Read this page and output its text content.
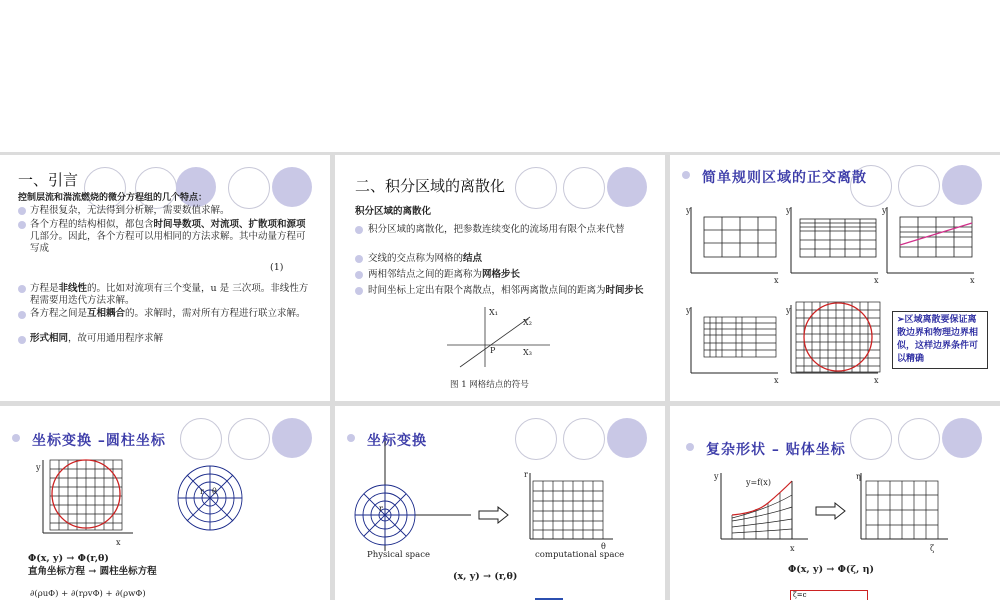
一、引言
控制层流和湍流燃烧的微分方程组的几个特点：
方程很复杂，无法得到分析解，需要数值求解。
各个方程的结构相似，都包含时间导数项、对流项、扩散项和源项几部分。因此，各个方程可以用相同的方法求解。其中动量方程可写成
(1)
方程是非线性的。比如对流项有三个变量，u 是 三次项。非线性方程需要用迭代方法求解。
各方程之间是互相耦合的。求解时，需对所有方程进行联立求解。
形式相同，故可用通用程序求解
二、积分区域的离散化
积分区域的离散化
积分区域的离散化，把参数连续变化的流场用有限个点来代替
交线的交点称为网格的结点
两相邻结点之间的距离称为网格步长
时间坐标上定出有限个离散点，相邻两离散点间的距离为时间步长
X₁
X₂
X₃
P
图 1 网格结点的符号
简单规则区域的正交离散
y
x
y
x
y
x
y
x
y
x
➢区域离散要保证离散边界和物理边界相似，这样边界条件可以精确
坐标变换 –圆柱坐标
y
x
r θ
Φ(x, y) → Φ(r,θ)
直角坐标方程 → 圆柱坐标方程
∂(ρuΦ) + ∂(rρvΦ) + ∂(ρwΦ)
坐标变换
r
Physical space
r
θ
computational space
(x, y) → (r,θ)
复杂形状 – 贴体坐标
y=f(x)
y
x
η
ζ
Φ(x, y) → Φ(ζ, η)
ζ=c
